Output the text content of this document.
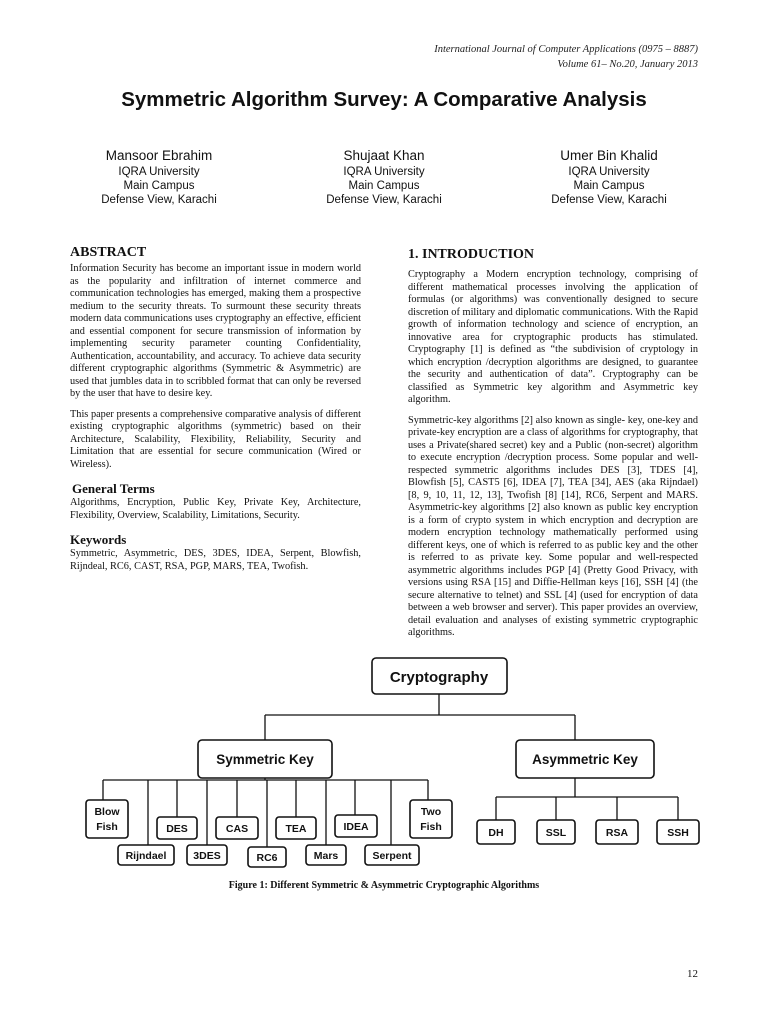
International Journal of Computer Applications (0975 – 8887)
Volume 61– No.20, January 2013
Symmetric Algorithm Survey: A Comparative Analysis
Mansoor Ebrahim
IQRA University
Main Campus
Defense View, Karachi
Shujaat Khan
IQRA University
Main Campus
Defense View, Karachi
Umer Bin Khalid
IQRA University
Main Campus
Defense View, Karachi
ABSTRACT

Information Security has become an important issue in modern world as the popularity and infiltration of internet commerce and communication technologies has emerged, making them a prospective medium to the security threats. To surmount these security threats modern data communications uses cryptography an effective, efficient and essential component for secure transmission of information by implementing security parameter counting Confidentiality, Authentication, accountability, and accuracy. To achieve data security different cryptographic algorithms (Symmetric & Asymmetric) are used that jumbles data in to scribbled format that can only be reversed by the user that have to desire key.

This paper presents a comprehensive comparative analysis of different existing cryptographic algorithms (symmetric) based on their Architecture, Scalability, Flexibility, Reliability, Security and Limitation that are essential for secure communication (Wired or Wireless).

General Terms

Algorithms, Encryption, Public Key, Private Key, Architecture, Flexibility, Overview, Scalability, Limitations, Security.

Keywords

Symmetric, Asymmetric, DES, 3DES, IDEA, Serpent, Blowfish, Rijndeal, RC6, CAST, RSA, PGP, MARS, TEA, Twofish.

1. INTRODUCTION

Cryptography a Modern encryption technology, comprising of different mathematical processes involving the application of formulas (or algorithms) was conventionally designed to secure discretion of military and diplomatic communications. With the Rapid growth of information technology and science of encryption, an innovative area for cryptographic products has stimulated. Cryptography [1] is defined as “the subdivision of cryptology in which encryption /decryption algorithms are designed, to guarantee the security and authentication of data”. Cryptography can be classified as Symmetric key algorithm and Asymmetric key algorithm.

Symmetric-key algorithms [2] also known as single- key, one-key and private-key encryption are a class of algorithms for cryptography, that uses a Private(shared secret) key and a Public (non-secret) algorithm to execute encryption /decryption process. Some popular and well-respected symmetric algorithms includes DES [3], TDES [4], Blowfish [5], CAST5 [6], IDEA [7], TEA [34], AES (aka Rijndael) [8, 9, 10, 11, 12, 13], Twofish [8] [14], RC6, Serpent and MARS. Asymmetric-key algorithms [2] also known as public key encryption is a form of crypto system in which encryption and decryption are modern encryption technology mathematically performed using different keys, one of which is referred to as public key and the other is referred to as private key. Some popular and well-respected asymmetric algorithms includes PGP [4] (Pretty Good Privacy, with versions using RSA [15] and Diffie-Hellman keys [16], SSH [4] (the secure alternative to telnet) and SSL [4] (used for encryption of data between a web browser and server). This paper provides an overview, detail evaluation and analyses of existing symmetric cryptographic algorithms.

Cryptography
Symmetric Key	Asymmetric Key
Blow
Fish	DES	CAS	TEA	IDEA
Two
Fish
Rijndael	3DES	RC6	Mars	Serpent
DH	SSL	RSA	SSH
Figure 1: Different Symmetric & Asymmetric Cryptographic Algorithms
12
